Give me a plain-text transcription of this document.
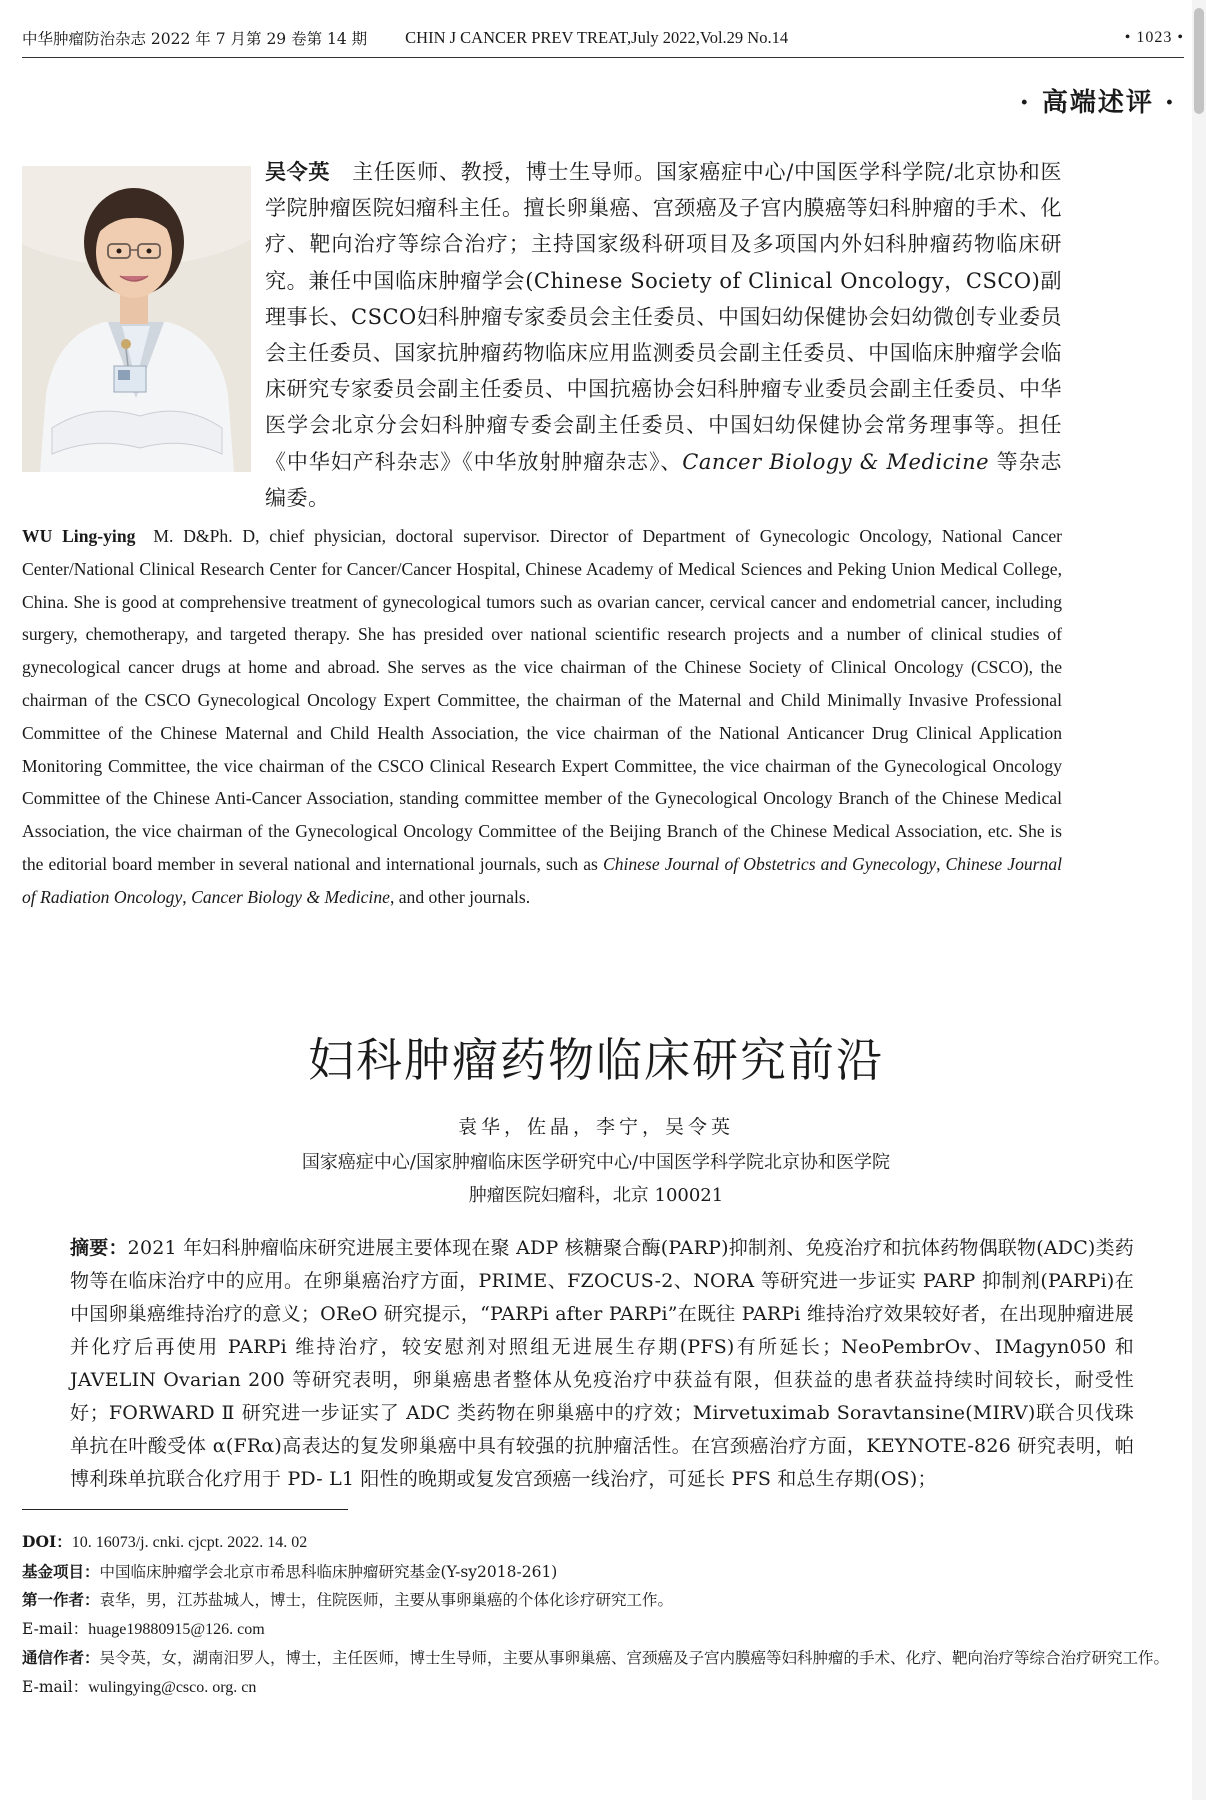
中华肿瘤防治杂志 2022 年 7 月第 29 卷第 14 期 CHIN J CANCER PREV TREAT,July 2022,Vol.29 No.14	• 1023 •
· 高端述评 ·
吴令英 主任医师、教授，博士生导师。国家癌症中心/中国医学科学院/北京协和医学院肿瘤医院妇瘤科主任。擅长卵巢癌、宫颈癌及子宫内膜癌等妇科肿瘤的手术、化疗、靶向治疗等综合治疗；主持国家级科研项目及多项国内外妇科肿瘤药物临床研究。兼任中国临床肿瘤学会(Chinese Society of Clinical Oncology，CSCO)副理事长、CSCO妇科肿瘤专家委员会主任委员、中国妇幼保健协会妇幼微创专业委员会主任委员、国家抗肿瘤药物临床应用监测委员会副主任委员、中国临床肿瘤学会临床研究专家委员会副主任委员、中国抗癌协会妇科肿瘤专业委员会副主任委员、中华医学会北京分会妇科肿瘤专委会副主任委员、中国妇幼保健协会常务理事等。担任《中华妇产科杂志》《中华放射肿瘤杂志》、Cancer Biology & Medicine 等杂志编委。
WU Ling-ying M. D&Ph. D, chief physician, doctoral supervisor. Director of Department of Gynecologic Oncology, National Cancer Center/National Clinical Research Center for Cancer/Cancer Hospital, Chinese Academy of Medical Sciences and Peking Union Medical College, China. She is good at comprehensive treatment of gynecological tumors such as ovarian cancer, cervical cancer and endometrial cancer, including surgery, chemotherapy, and targeted therapy. She has presided over national scientific research projects and a number of clinical studies of gynecological cancer drugs at home and abroad. She serves as the vice chairman of the Chinese Society of Clinical Oncology (CSCO), the chairman of the CSCO Gynecological Oncology Expert Committee, the chairman of the Maternal and Child Minimally Invasive Professional Committee of the Chinese Maternal and Child Health Association, the vice chairman of the National Anticancer Drug Clinical Application Monitoring Committee, the vice chairman of the CSCO Clinical Research Expert Committee, the vice chairman of the Gynecological Oncology Committee of the Chinese Anti-Cancer Association, standing committee member of the Gynecological Oncology Branch of the Chinese Medical Association, the vice chairman of the Gynecological Oncology Committee of the Beijing Branch of the Chinese Medical Association, etc. She is the editorial board member in several national and international journals, such as Chinese Journal of Obstetrics and Gynecology, Chinese Journal of Radiation Oncology, Cancer Biology & Medicine, and other journals.
妇科肿瘤药物临床研究前沿
袁华，佐晶，李宁，吴令英
国家癌症中心/国家肿瘤临床医学研究中心/中国医学科学院北京协和医学院
肿瘤医院妇瘤科，北京 100021
摘要：2021 年妇科肿瘤临床研究进展主要体现在聚 ADP 核糖聚合酶(PARP)抑制剂、免疫治疗和抗体药物偶联物(ADC)类药物等在临床治疗中的应用。在卵巢癌治疗方面，PRIME、FZOCUS-2、NORA 等研究进一步证实 PARP 抑制剂(PARPi)在中国卵巢癌维持治疗的意义；OReO 研究提示，“PARPi after PARPi”在既往 PARPi 维持治疗效果较好者，在出现肿瘤进展并化疗后再使用 PARPi 维持治疗，较安慰剂对照组无进展生存期(PFS)有所延长；NeoPembrOv、IMagyn050 和 JAVELIN Ovarian 200 等研究表明，卵巢癌患者整体从免疫治疗中获益有限，但获益的患者获益持续时间较长，耐受性好；FORWARD Ⅱ 研究进一步证实了 ADC 类药物在卵巢癌中的疗效；Mirvetuximab Soravtansine(MIRV)联合贝伐珠单抗在叶酸受体 α(FRα)高表达的复发卵巢癌中具有较强的抗肿瘤活性。在宫颈癌治疗方面，KEYNOTE-826 研究表明，帕博利珠单抗联合化疗用于 PD- L1 阳性的晚期或复发宫颈癌一线治疗，可延长 PFS 和总生存期(OS)；
DOI：10. 16073/j. cnki. cjcpt. 2022. 14. 02
基金项目：中国临床肿瘤学会北京市希思科临床肿瘤研究基金(Y-sy2018-261)
第一作者：袁华，男，江苏盐城人，博士，住院医师，主要从事卵巢癌的个体化诊疗研究工作。
E-mail：huage19880915@126. com
通信作者：吴令英，女，湖南汨罗人，博士，主任医师，博士生导师，主要从事卵巢癌、宫颈癌及子宫内膜癌等妇科肿瘤的手术、化疗、靶向治疗等综合治疗研究工作。
E-mail：wulingying@csco. org. cn
